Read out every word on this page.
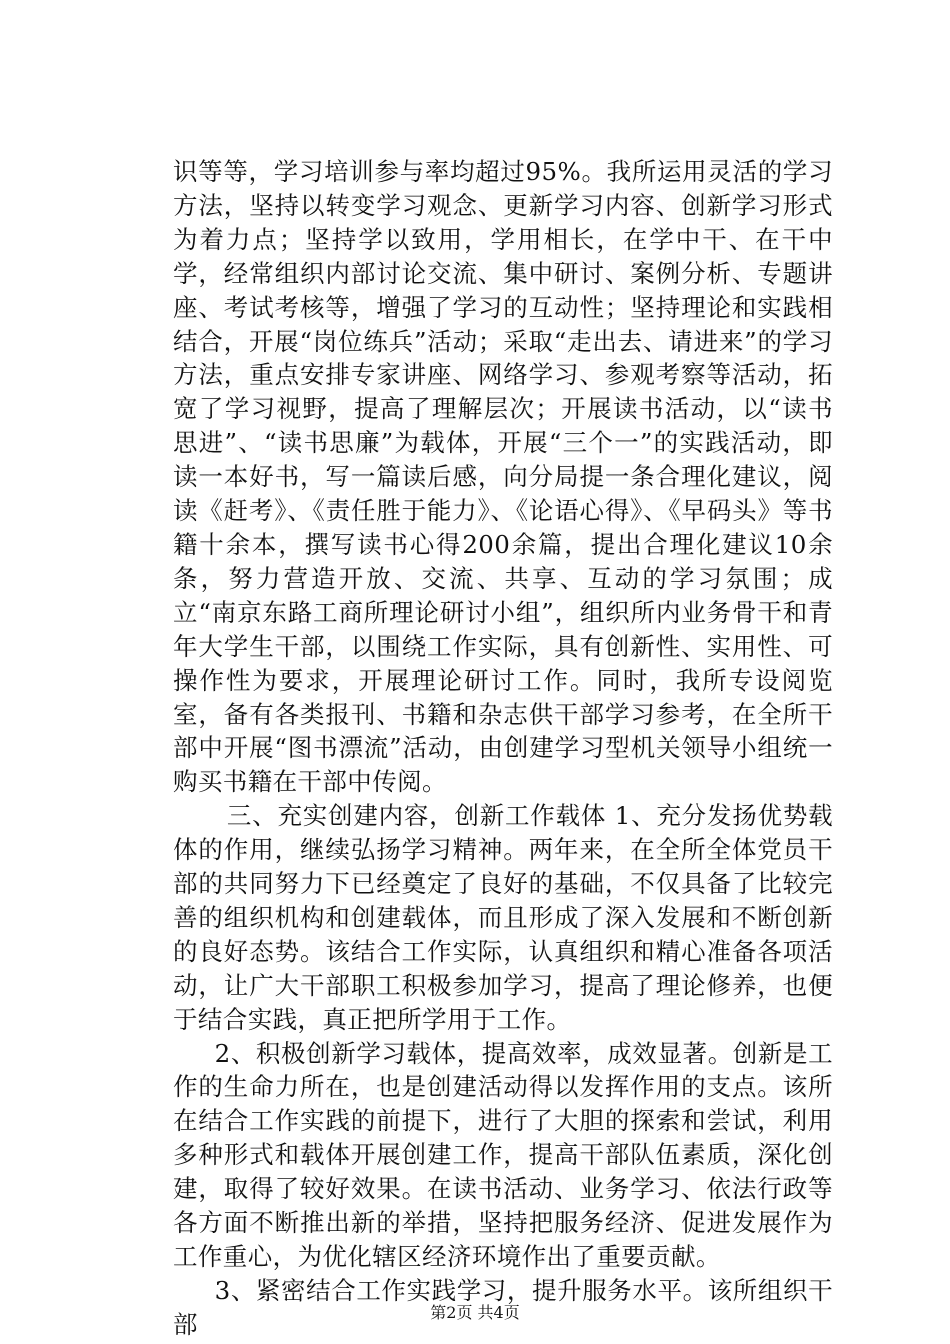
识等等，学习培训参与率均超过95%。我所运用灵活的学习方法，坚持以转变学习观念、更新学习内容、创新学习形式为着力点；坚持学以致用，学用相长，在学中干、在干中学，经常组织内部讨论交流、集中研讨、案例分析、专题讲座、考试考核等，增强了学习的互动性；坚持理论和实践相结合，开展“岗位练兵”活动；采取“走出去、请进来”的学习方法，重点安排专家讲座、网络学习、参观考察等活动，拓宽了学习视野，提高了理解层次；开展读书活动，以“读书思进”、“读书思廉”为载体，开展“三个一”的实践活动，即读一本好书，写一篇读后感，向分局提一条合理化建议，阅读《赶考》、《责任胜于能力》、《论语心得》、《早码头》等书籍十余本，撰写读书心得200余篇，提出合理化建议10余条，努力营造开放、交流、共享、互动的学习氛围；成立“南京东路工商所理论研讨小组”，组织所内业务骨干和青年大学生干部，以围绕工作实际，具有创新性、实用性、可操作性为要求，开展理论研讨工作。同时，我所专设阅览室，备有各类报刊、书籍和杂志供干部学习参考，在全所干部中开展“图书漂流”活动，由创建学习型机关领导小组统一购买书籍在干部中传阅。

三、充实创建内容，创新工作载体 1、充分发扬优势载体的作用，继续弘扬学习精神。两年来，在全所全体党员干部的共同努力下已经奠定了良好的基础，不仅具备了比较完善的组织机构和创建载体，而且形成了深入发展和不断创新的良好态势。该结合工作实际，认真组织和精心准备各项活动，让广大干部职工积极参加学习，提高了理论修养，也便于结合实践，真正把所学用于工作。

2、积极创新学习载体，提高效率，成效显著。创新是工作的生命力所在，也是创建活动得以发挥作用的支点。该所在结合工作实践的前提下，进行了大胆的探索和尝试，利用多种形式和载体开展创建工作，提高干部队伍素质，深化创建，取得了较好效果。在读书活动、业务学习、依法行政等各方面不断推出新的举措，坚持把服务经济、促进发展作为工作重心，为优化辖区经济环境作出了重要贡献。

3、紧密结合工作实践学习，提升服务水平。该所组织干部	第2页 共4页
